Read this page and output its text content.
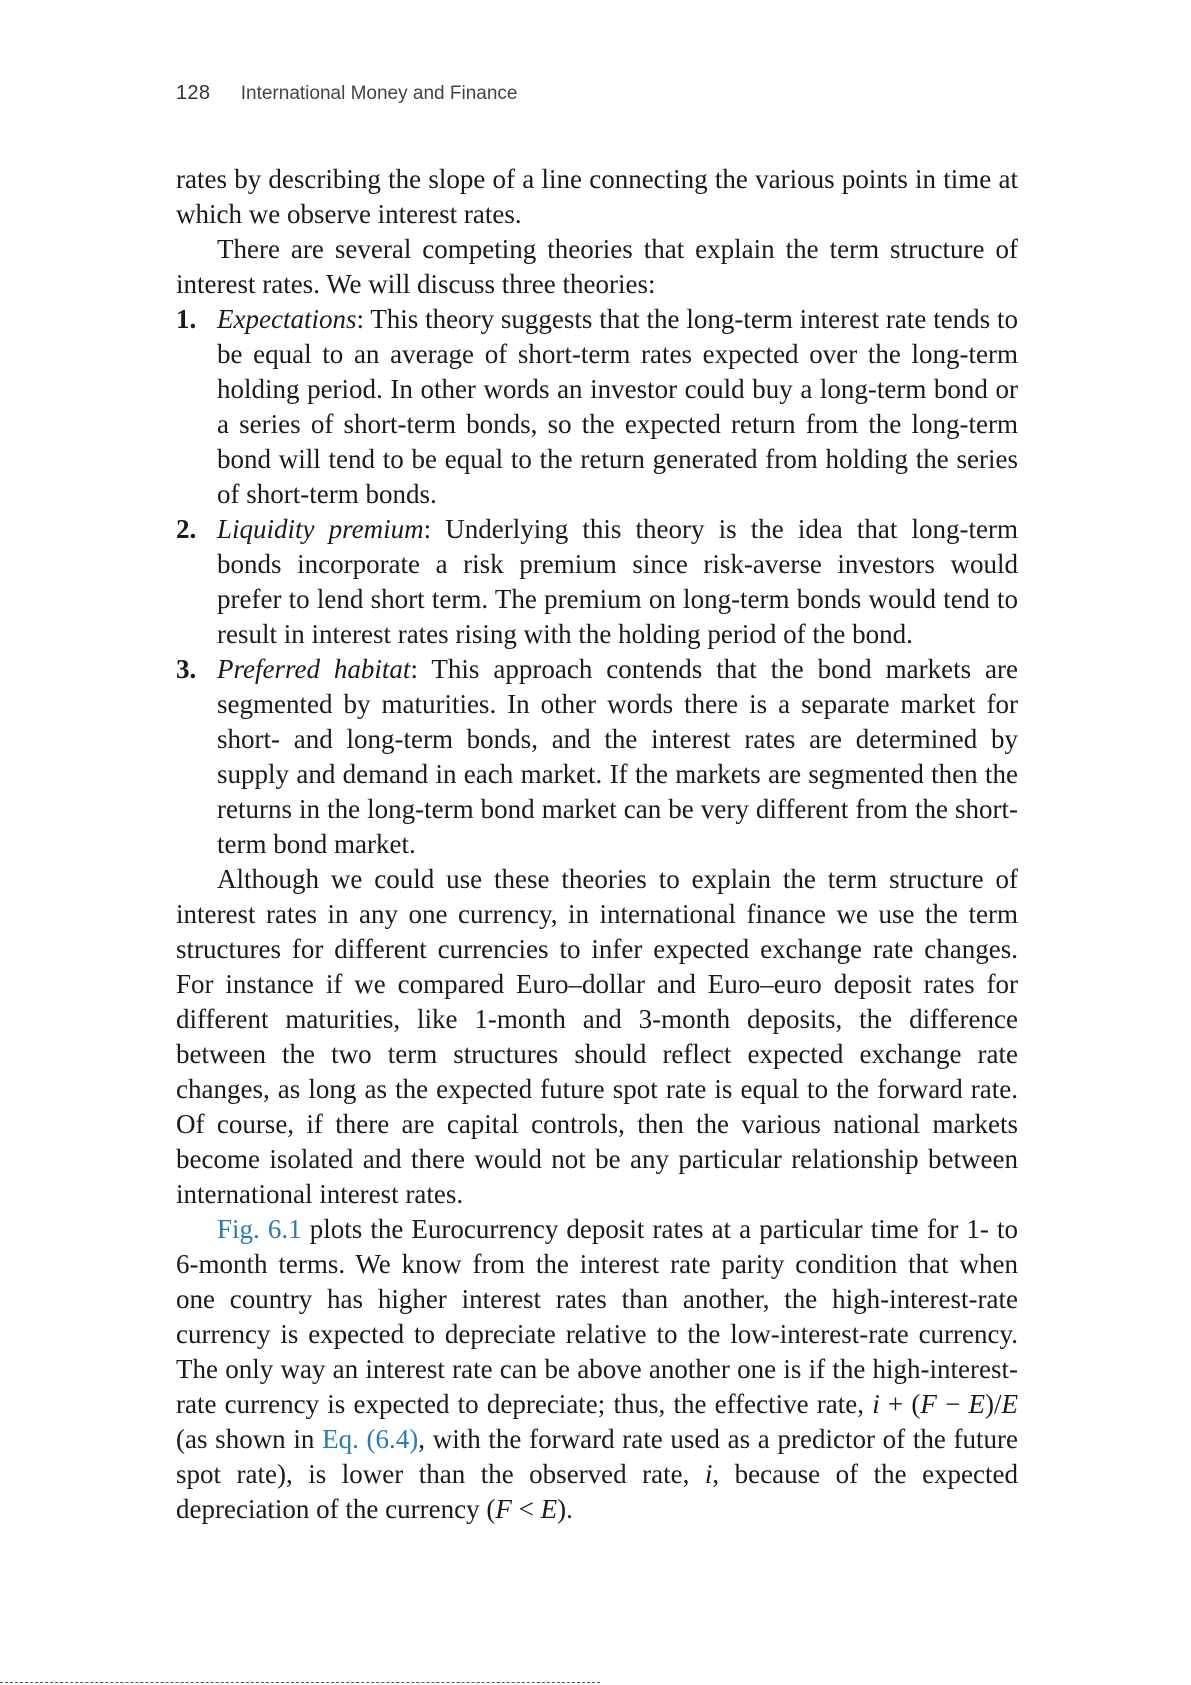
128 International Money and Finance

rates by describing the slope of a line connecting the various points in time at which we observe interest rates.

There are several competing theories that explain the term structure of interest rates. We will discuss three theories:

1. Expectations: This theory suggests that the long-term interest rate tends to be equal to an average of short-term rates expected over the long-term holding period. In other words an investor could buy a long-term bond or a series of short-term bonds, so the expected return from the long-term bond will tend to be equal to the return generated from holding the series of short-term bonds.
2. Liquidity premium: Underlying this theory is the idea that long-term bonds incorporate a risk premium since risk-averse investors would prefer to lend short term. The premium on long-term bonds would tend to result in interest rates rising with the holding period of the bond.
3. Preferred habitat: This approach contends that the bond markets are segmented by maturities. In other words there is a separate market for short- and long-term bonds, and the interest rates are determined by supply and demand in each market. If the markets are segmented then the returns in the long-term bond market can be very different from the short-term bond market.

Although we could use these theories to explain the term structure of interest rates in any one currency, in international finance we use the term structures for different currencies to infer expected exchange rate changes. For instance if we compared Euro–dollar and Euro–euro deposit rates for different maturities, like 1-month and 3-month deposits, the difference between the two term structures should reflect expected exchange rate changes, as long as the expected future spot rate is equal to the forward rate. Of course, if there are capital controls, then the various national markets become isolated and there would not be any particular relationship between international interest rates.

Fig. 6.1 plots the Eurocurrency deposit rates at a particular time for 1- to 6-month terms. We know from the interest rate parity condition that when one country has higher interest rates than another, the high-interest-rate currency is expected to depreciate relative to the low-interest-rate currency. The only way an interest rate can be above another one is if the high-interest-rate currency is expected to depreciate; thus, the effective rate, i + (F − E)/E (as shown in Eq. (6.4), with the forward rate used as a predictor of the future spot rate), is lower than the observed rate, i, because of the expected depreciation of the currency (F < E).
